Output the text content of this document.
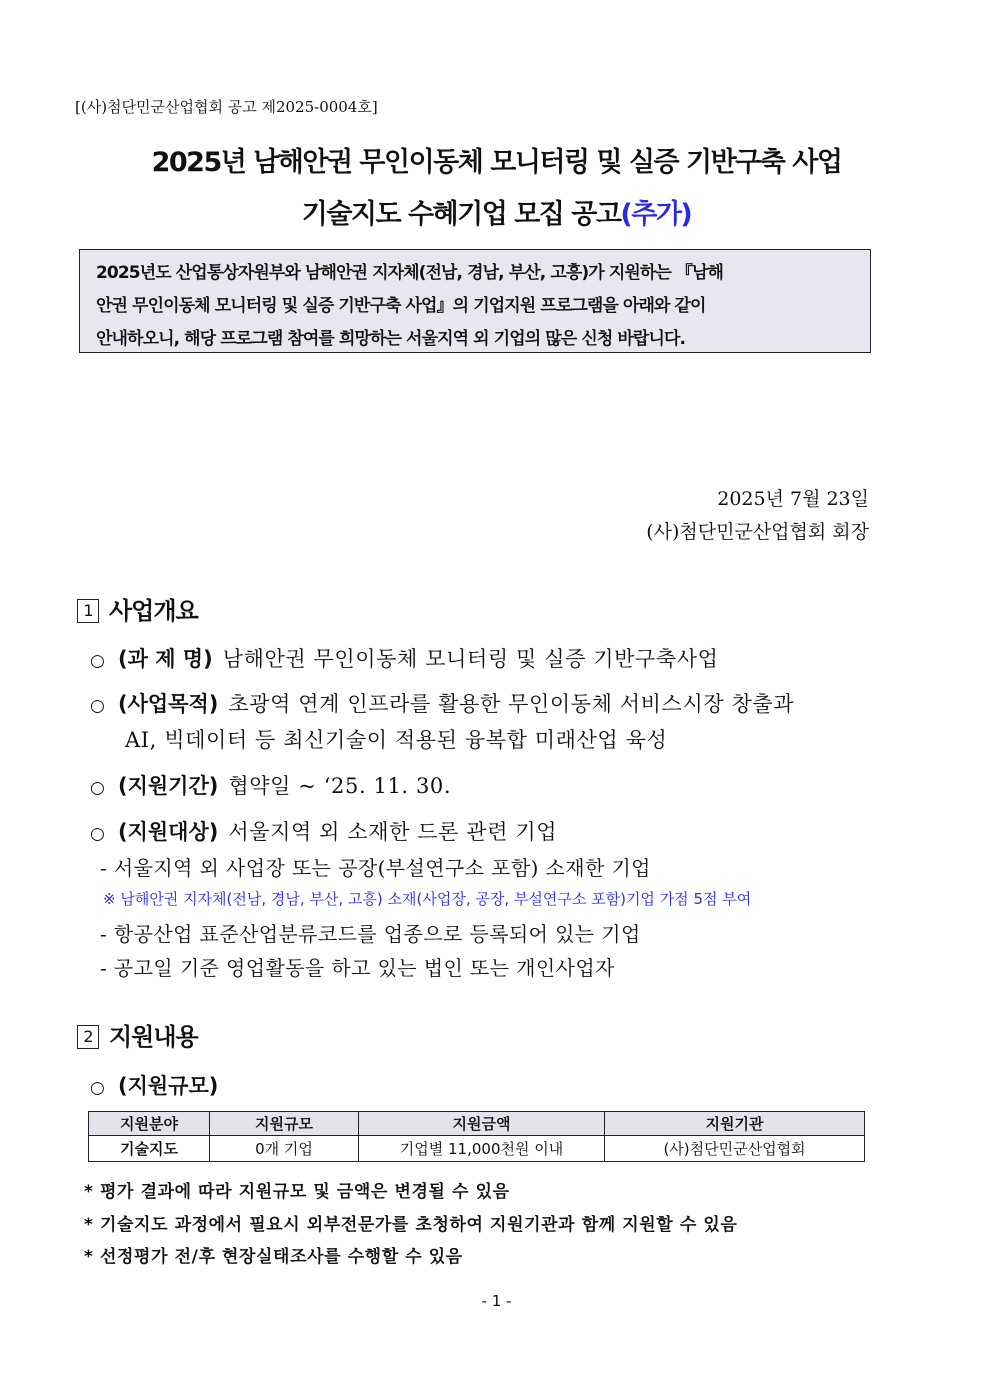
[(사)첨단민군산업협회 공고 제2025-0004호]
2025년 남해안권 무인이동체 모니터링 및 실증 기반구축 사업
기술지도 수혜기업 모집 공고(추가)
2025년도 산업통상자원부와 남해안권 지자체(전남, 경남, 부산, 고흥)가 지원하는 『남해
안권 무인이동체 모니터링 및 실증 기반구축 사업』의 기업지원 프로그램을 아래와 같이
안내하오니, 해당 프로그램 참여를 희망하는 서울지역 외 기업의 많은 신청 바랍니다.
2025년 7월 23일
(사)첨단민군산업협회 회장
1 사업개요
○ (과 제 명) 남해안권 무인이동체 모니터링 및 실증 기반구축사업
○ (사업목적) 초광역 연계 인프라를 활용한 무인이동체 서비스시장 창출과
AI, 빅데이터 등 최신기술이 적용된 융복합 미래산업 육성
○ (지원기간) 협약일 ~ ‘25. 11. 30.
○ (지원대상) 서울지역 외 소재한 드론 관련 기업
- 서울지역 외 사업장 또는 공장(부설연구소 포함) 소재한 기업
※ 남해안권 지자체(전남, 경남, 부산, 고흥) 소재(사업장, 공장, 부설연구소 포함)기업 가점 5점 부여
- 항공산업 표준산업분류코드를 업종으로 등록되어 있는 기업
- 공고일 기준 영업활동을 하고 있는 법인 또는 개인사업자
2 지원내용
○ (지원규모)
지원분야	지원규모	지원금액	지원기관
기술지도	0개 기업	기업별 11,000천원 이내	(사)첨단민군산업협회
* 평가 결과에 따라 지원규모 및 금액은 변경될 수 있음
* 기술지도 과정에서 필요시 외부전문가를 초청하여 지원기관과 함께 지원할 수 있음
* 선정평가 전/후 현장실태조사를 수행할 수 있음
- 1 -
